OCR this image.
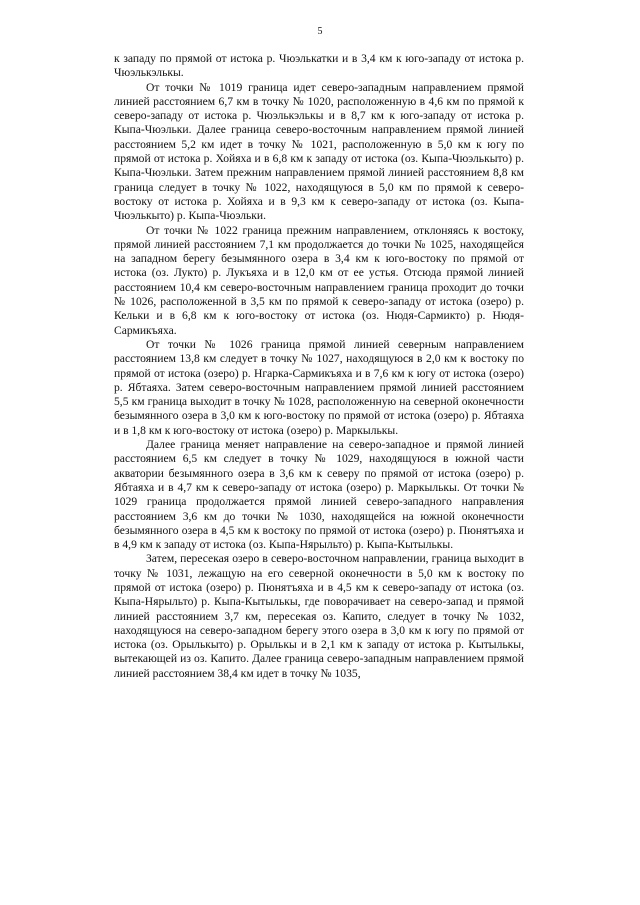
5

к западу по прямой от истока р. Чюэлькатки и в 3,4 км к юго-западу от истока р. Чюэлькэлькы.

От точки № 1019 граница идет северо-западным направлением прямой линией расстоянием 6,7 км в точку № 1020, расположенную в 4,6 км по прямой к северо-западу от истока р. Чюэлькэлькы и в 8,7 км к юго-западу от истока р. Кыпа-Чюэльки. Далее граница северо-восточным направлением прямой линией расстоянием 5,2 км идет в точку № 1021, расположенную в 5,0 км к югу по прямой от истока р. Хойяха и в 6,8 км к западу от истока (оз. Кыпа-Чюэлькыто) р. Кыпа-Чюэльки. Затем прежним направлением прямой линией расстоянием 8,8 км граница следует в точку № 1022, находящуюся в 5,0 км по прямой к северо-востоку от истока р. Хойяха и в 9,3 км к северо-западу от истока (оз. Кыпа-Чюэлькыто) р. Кыпа-Чюэльки.

От точки № 1022 граница прежним направлением, отклоняясь к востоку, прямой линией расстоянием 7,1 км продолжается до точки № 1025, находящейся на западном берегу безымянного озера в 3,4 км к юго-востоку по прямой от истока (оз. Лукто) р. Лукъяха и в 12,0 км от ее устья. Отсюда прямой линией расстоянием 10,4 км северо-восточным направлением граница проходит до точки № 1026, расположенной в 3,5 км по прямой к северо-западу от истока (озеро) р. Кельки и в 6,8 км к юго-востоку от истока (оз. Нюдя-Сармикто) р. Нюдя-Сармикъяха.

От точки № 1026 граница прямой линией северным направлением расстоянием 13,8 км следует в точку № 1027, находящуюся в 2,0 км к востоку по прямой от истока (озеро) р. Нгарка-Сармикъяха и в 7,6 км к югу от истока (озеро) р. Ябтаяха. Затем северо-восточным направлением прямой линией расстоянием 5,5 км граница выходит в точку № 1028, расположенную на северной оконечности безымянного озера в 3,0 км к юго-востоку по прямой от истока (озеро) р. Ябтаяха и в 1,8 км к юго-востоку от истока (озеро) р. Маркылькы.

Далее граница меняет направление на северо-западное и прямой линией расстоянием 6,5 км следует в точку № 1029, находящуюся в южной части акватории безымянного озера в 3,6 км к северу по прямой от истока (озеро) р. Ябтаяха и в 4,7 км к северо-западу от истока (озеро) р. Маркылькы. От точки № 1029 граница продолжается прямой линией северо-западного направления расстоянием 3,6 км до точки № 1030, находящейся на южной оконечности безымянного озера в 4,5 км к востоку по прямой от истока (озеро) р. Пюнятъяха и в 4,9 км к западу от истока (оз. Кыпа-Нярыльто) р. Кыпа-Кытылькы.

Затем, пересекая озеро в северо-восточном направлении, граница выходит в точку № 1031, лежащую на его северной оконечности в 5,0 км к востоку по прямой от истока (озеро) р. Пюнятъяха и в 4,5 км к северо-западу от истока (оз. Кыпа-Нярыльто) р. Кыпа-Кытылькы, где поворачивает на северо-запад и прямой линией расстоянием 3,7 км, пересекая оз. Капито, следует в точку № 1032, находящуюся на северо-западном берегу этого озера в 3,0 км к югу по прямой от истока (оз. Орылькыто) р. Орылькы и в 2,1 км к западу от истока р. Кытылькы, вытекающей из оз. Капито. Далее граница северо-западным направлением прямой линией расстоянием 38,4 км идет в точку № 1035,
